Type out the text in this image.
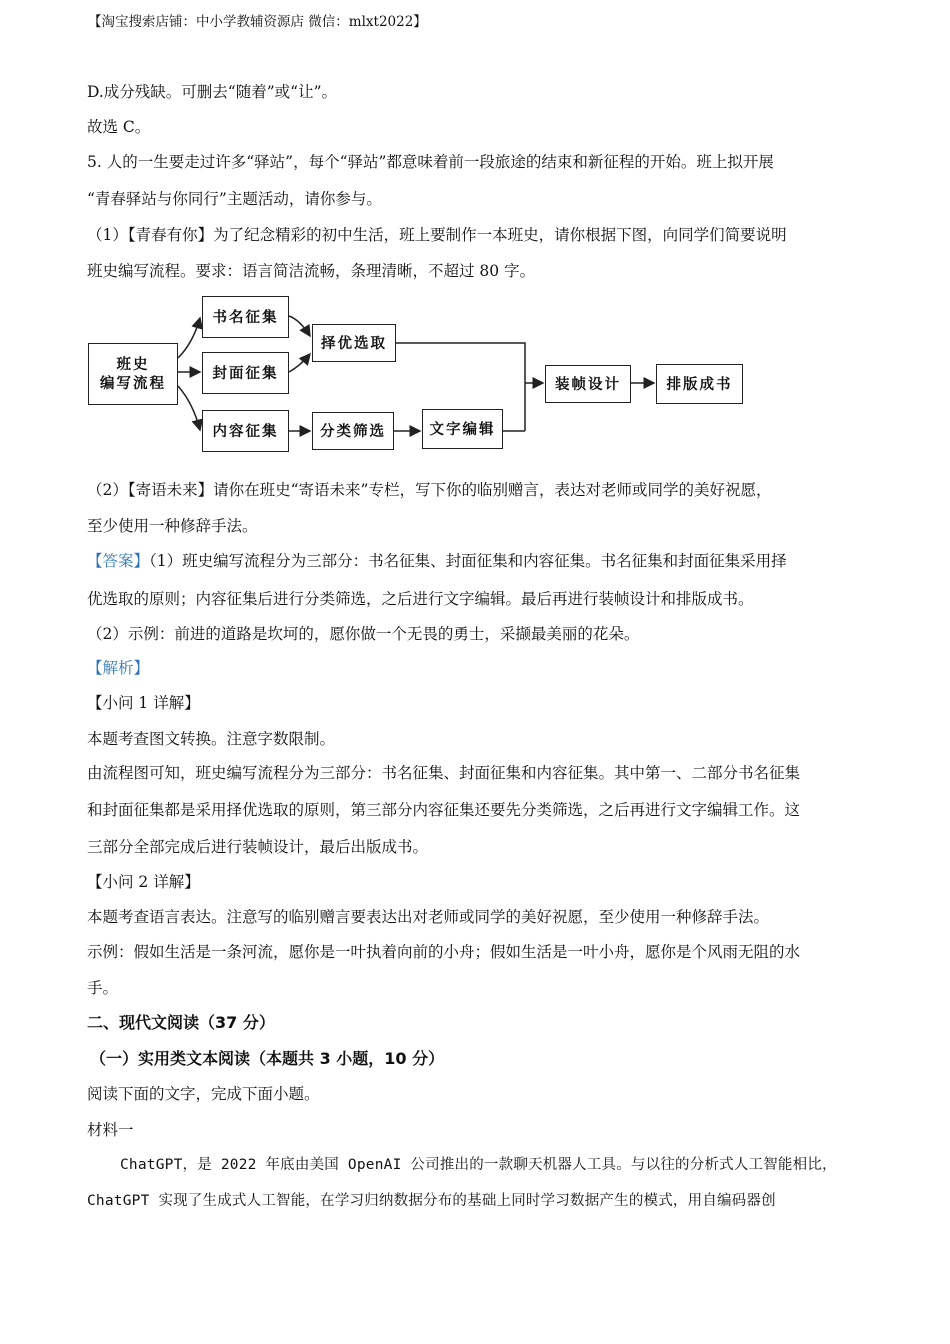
【淘宝搜索店铺：中小学教辅资源店 微信：mlxt2022】
D.成分残缺。可删去“随着”或“让”。
故选 C。
5. 人的一生要走过许多“驿站”，每个“驿站”都意味着前一段旅途的结束和新征程的开始。班上拟开展
“青春驿站与你同行”主题活动，请你参与。
（1）【青春有你】为了纪念精彩的初中生活，班上要制作一本班史，请你根据下图，向同学们简要说明
班史编写流程。要求：语言简洁流畅，条理清晰，不超过 80 字。
班史
编写流程
书名征集
封面征集
内容征集
择优选取
分类筛选	文字编辑
装帧设计	排版成书
（2）【寄语未来】请你在班史“寄语未来”专栏，写下你的临别赠言，表达对老师或同学的美好祝愿，
至少使用一种修辞手法。
【答案】（1）班史编写流程分为三部分：书名征集、封面征集和内容征集。书名征集和封面征集采用择
优选取的原则；内容征集后进行分类筛选，之后进行文字编辑。最后再进行装帧设计和排版成书。
（2）示例：前进的道路是坎坷的，愿你做一个无畏的勇士，采撷最美丽的花朵。
【解析】
【小问 1 详解】
本题考查图文转换。注意字数限制。
由流程图可知，班史编写流程分为三部分：书名征集、封面征集和内容征集。其中第一、二部分书名征集
和封面征集都是采用择优选取的原则，第三部分内容征集还要先分类筛选，之后再进行文字编辑工作。这
三部分全部完成后进行装帧设计，最后出版成书。
【小问 2 详解】
本题考查语言表达。注意写的临别赠言要表达出对老师或同学的美好祝愿，至少使用一种修辞手法。
示例：假如生活是一条河流，愿你是一叶执着向前的小舟；假如生活是一叶小舟，愿你是个风雨无阻的水
手。
二、现代文阅读（37 分）
（一）实用类文本阅读（本题共 3 小题，10 分）
阅读下面的文字，完成下面小题。
材料一
ChatGPT，是 2022 年底由美国 OpenAI 公司推出的一款聊天机器人工具。与以往的分析式人工智能相比，
ChatGPT 实现了生成式人工智能，在学习归纳数据分布的基础上同时学习数据产生的模式，用自编码器创
